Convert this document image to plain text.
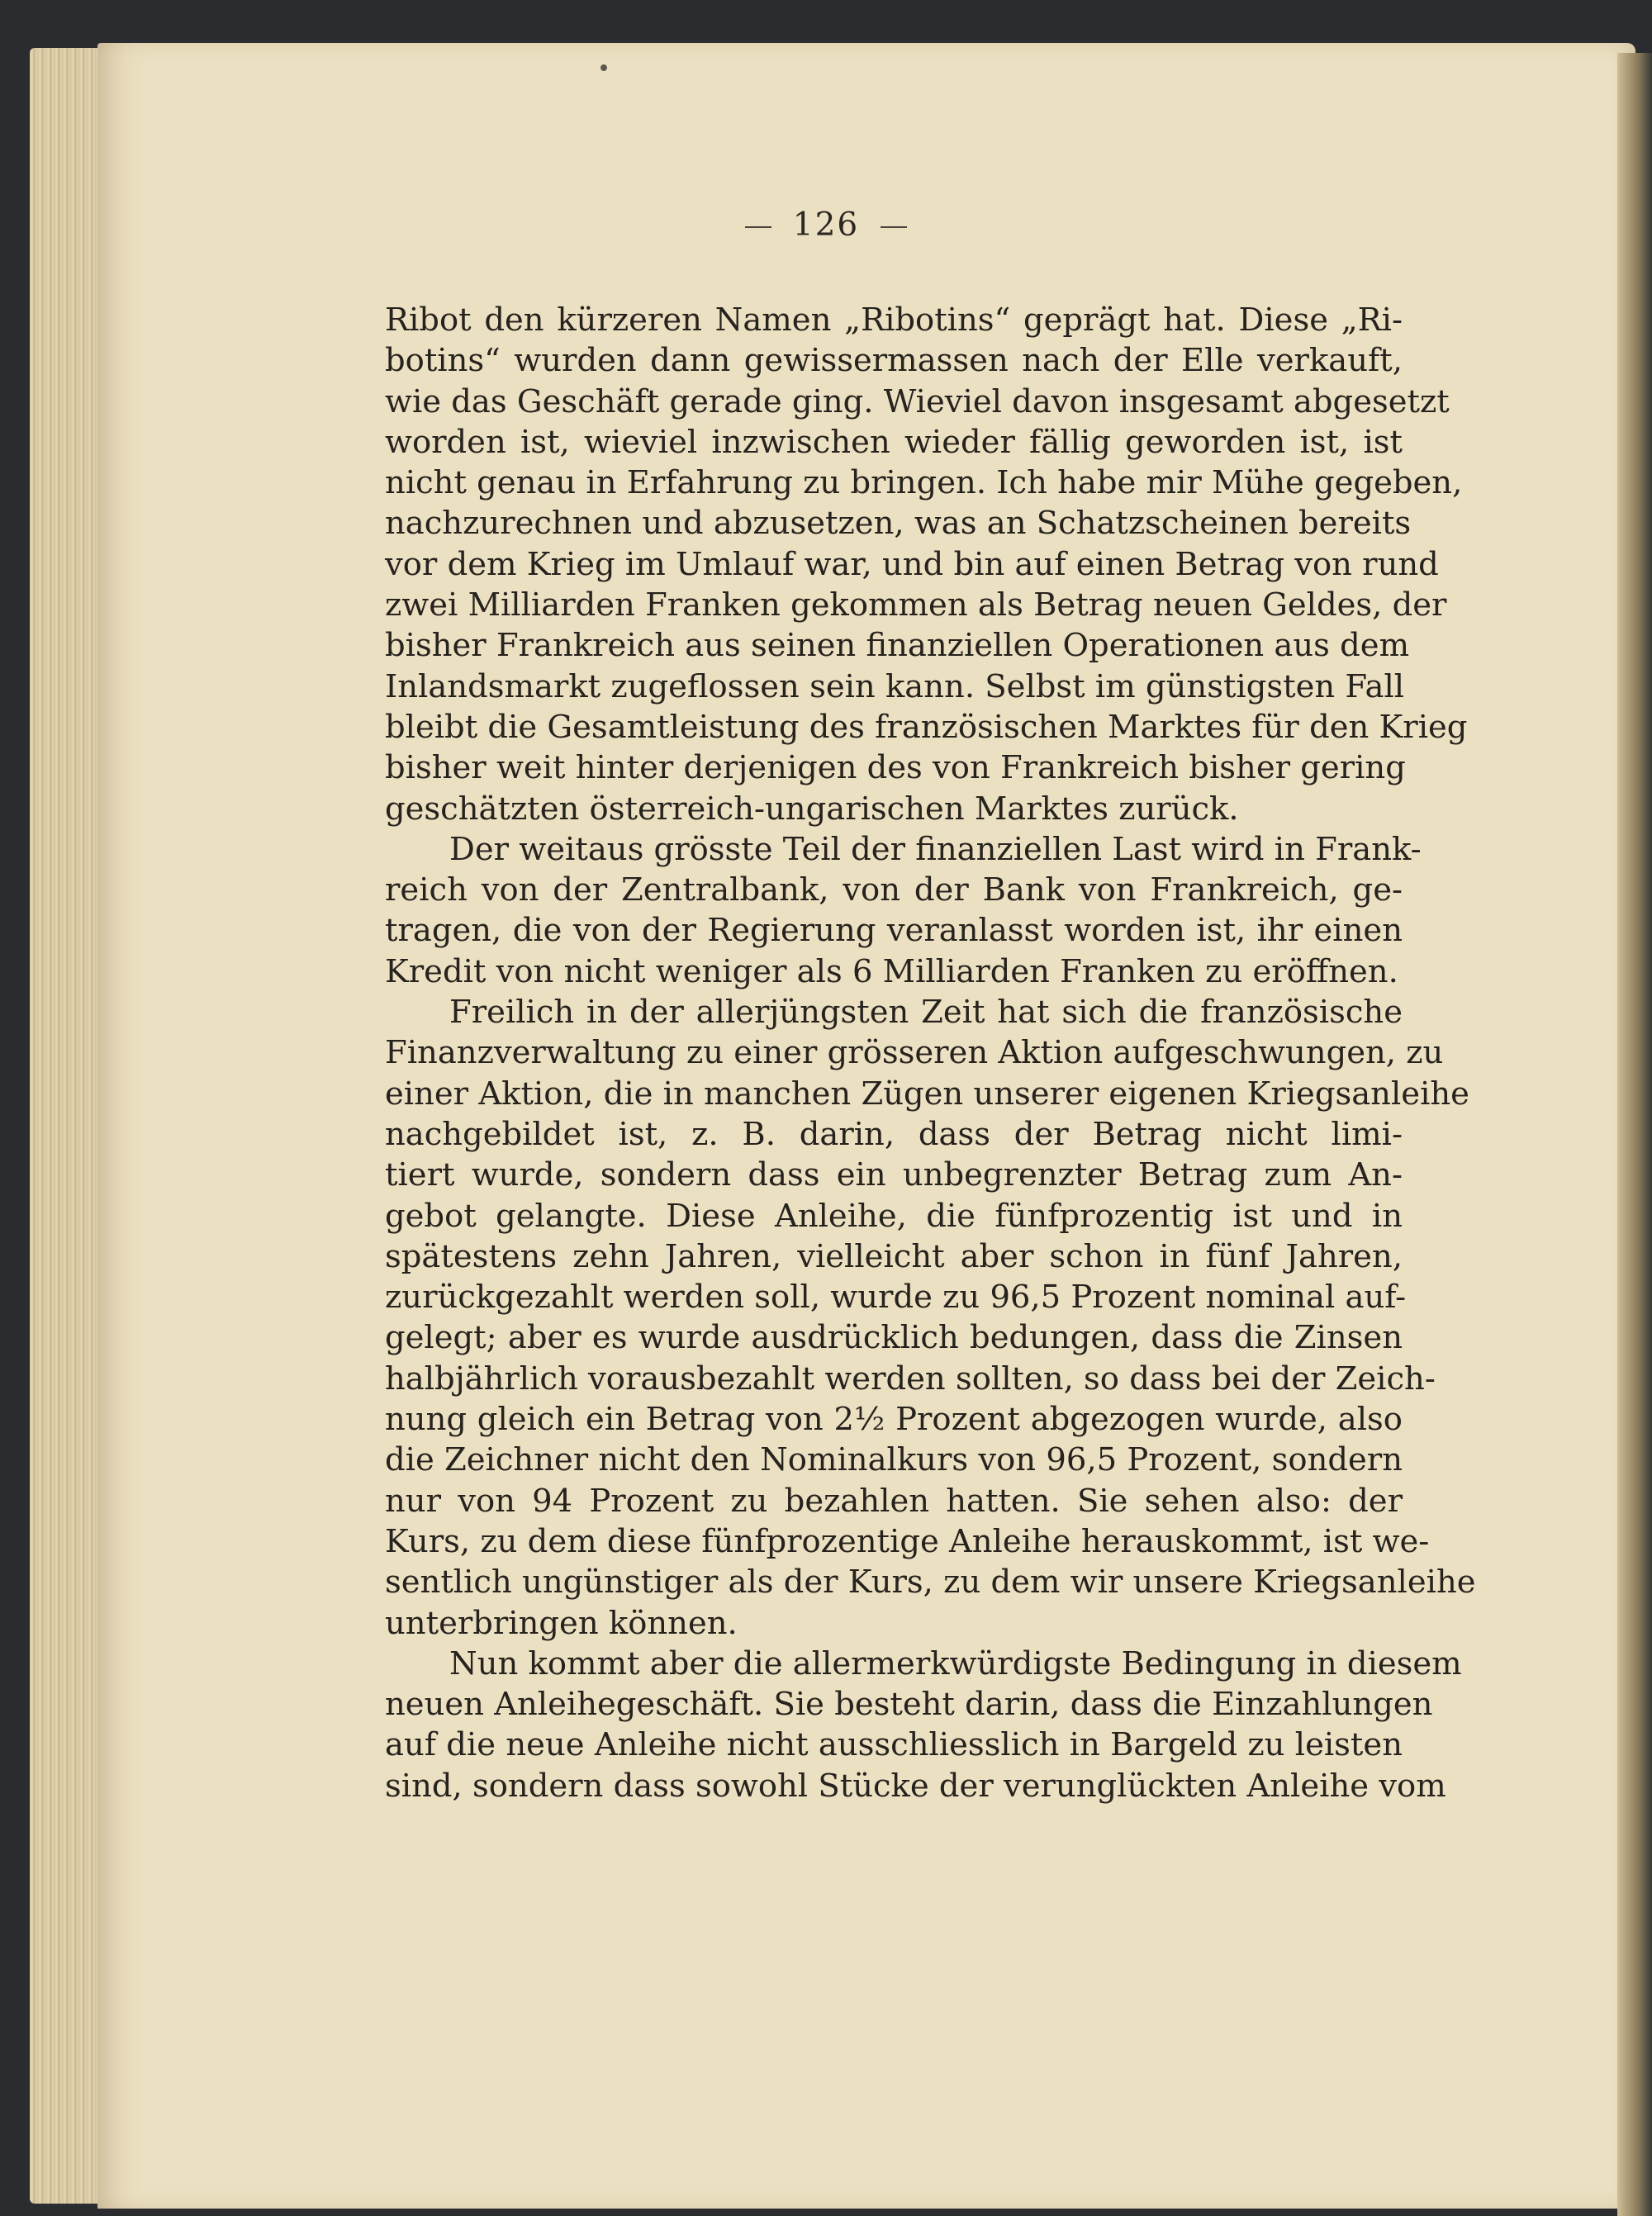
126
Ribot den kürzeren Namen „Ribotins“ geprägt hat. Diese „Ri-
botins“ wurden dann gewissermassen nach der Elle verkauft,
wie das Geschäft gerade ging. Wieviel davon insgesamt abgesetzt
worden ist, wieviel inzwischen wieder fällig geworden ist, ist
nicht genau in Erfahrung zu bringen. Ich habe mir Mühe gegeben,
nachzurechnen und abzusetzen, was an Schatzscheinen bereits
vor dem Krieg im Umlauf war, und bin auf einen Betrag von rund
zwei Milliarden Franken gekommen als Betrag neuen Geldes, der
bisher Frankreich aus seinen finanziellen Operationen aus dem
Inlandsmarkt zugeflossen sein kann. Selbst im günstigsten Fall
bleibt die Gesamtleistung des französischen Marktes für den Krieg
bisher weit hinter derjenigen des von Frankreich bisher gering
geschätzten österreich-ungarischen Marktes zurück.
Der weitaus grösste Teil der finanziellen Last wird in Frank-
reich von der Zentralbank, von der Bank von Frankreich, ge-
tragen, die von der Regierung veranlasst worden ist, ihr einen
Kredit von nicht weniger als 6 Milliarden Franken zu eröffnen.
Freilich in der allerjüngsten Zeit hat sich die französische
Finanzverwaltung zu einer grösseren Aktion aufgeschwungen, zu
einer Aktion, die in manchen Zügen unserer eigenen Kriegsanleihe
nachgebildet ist, z. B. darin, dass der Betrag nicht limi-
tiert wurde, sondern dass ein unbegrenzter Betrag zum An-
gebot gelangte. Diese Anleihe, die fünfprozentig ist und in
spätestens zehn Jahren, vielleicht aber schon in fünf Jahren,
zurückgezahlt werden soll, wurde zu 96,5 Prozent nominal auf-
gelegt; aber es wurde ausdrücklich bedungen, dass die Zinsen
halbjährlich vorausbezahlt werden sollten, so dass bei der Zeich-
nung gleich ein Betrag von 2½ Prozent abgezogen wurde, also
die Zeichner nicht den Nominalkurs von 96,5 Prozent, sondern
nur von 94 Prozent zu bezahlen hatten. Sie sehen also: der
Kurs, zu dem diese fünfprozentige Anleihe herauskommt, ist we-
sentlich ungünstiger als der Kurs, zu dem wir unsere Kriegsanleihe
unterbringen können.
Nun kommt aber die allermerkwürdigste Bedingung in diesem
neuen Anleihegeschäft. Sie besteht darin, dass die Einzahlungen
auf die neue Anleihe nicht ausschliesslich in Bargeld zu leisten
sind, sondern dass sowohl Stücke der verunglückten Anleihe vom
